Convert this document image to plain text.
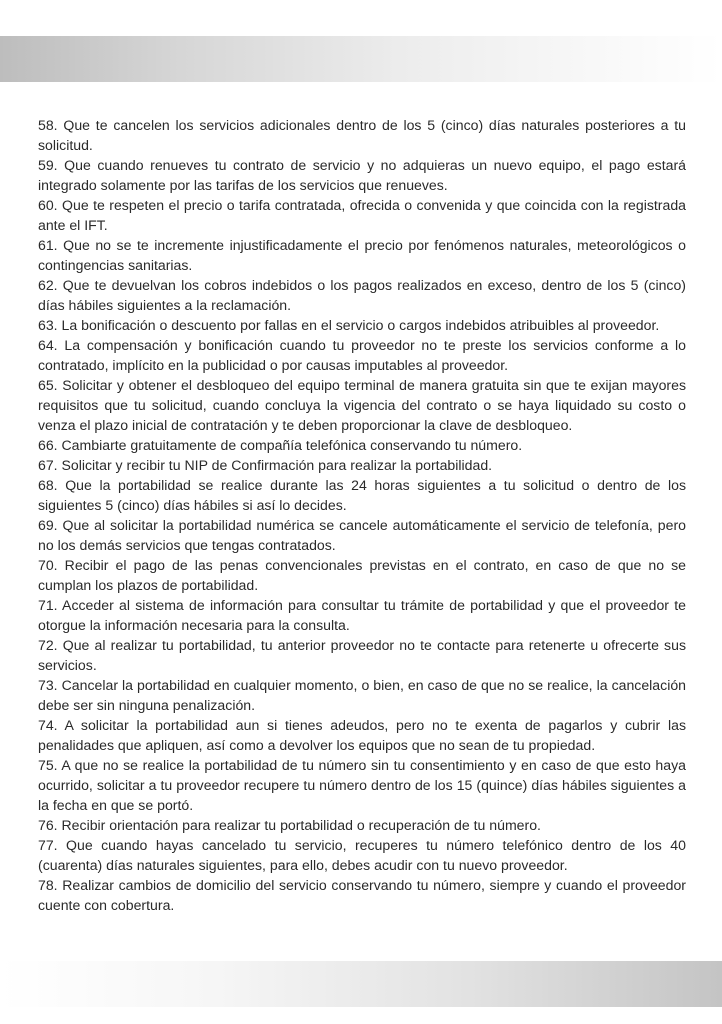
58. Que te cancelen los servicios adicionales dentro de los 5 (cinco) días naturales posteriores a tu solicitud.

59. Que cuando renueves tu contrato de servicio y no adquieras un nuevo equipo, el pago estará integrado solamente por las tarifas de los servicios que renueves.

60. Que te respeten el precio o tarifa contratada, ofrecida o convenida y que coincida con la registrada ante el IFT.

61. Que no se te incremente injustificadamente el precio por fenómenos naturales, meteorológicos o contingencias sanitarias.

62. Que te devuelvan los cobros indebidos o los pagos realizados en exceso, dentro de los 5 (cinco) días hábiles siguientes a la reclamación.

63. La bonificación o descuento por fallas en el servicio o cargos indebidos atribuibles al proveedor.

64. La compensación y bonificación cuando tu proveedor no te preste los servicios conforme a lo contratado, implícito en la publicidad o por causas imputables al proveedor.

65. Solicitar y obtener el desbloqueo del equipo terminal de manera gratuita sin que te exijan mayores requisitos que tu solicitud, cuando concluya la vigencia del contrato o se haya liquidado su costo o venza el plazo inicial de contratación y te deben proporcionar la clave de desbloqueo.

66. Cambiarte gratuitamente de compañía telefónica conservando tu número.

67. Solicitar y recibir tu NIP de Confirmación para realizar la portabilidad.

68. Que la portabilidad se realice durante las 24 horas siguientes a tu solicitud o dentro de los siguientes 5 (cinco) días hábiles si así lo decides.

69. Que al solicitar la portabilidad numérica se cancele automáticamente el servicio de telefonía, pero no los demás servicios que tengas contratados.

70. Recibir el pago de las penas convencionales previstas en el contrato, en caso de que no se cumplan los plazos de portabilidad.

71. Acceder al sistema de información para consultar tu trámite de portabilidad y que el proveedor te otorgue la información necesaria para la consulta.

72. Que al realizar tu portabilidad, tu anterior proveedor no te contacte para retenerte u ofrecerte sus servicios.

73. Cancelar la portabilidad en cualquier momento, o bien, en caso de que no se realice, la cancelación debe ser sin ninguna penalización.

74. A solicitar la portabilidad aun si tienes adeudos, pero no te exenta de pagarlos y cubrir las penalidades que apliquen, así como a devolver los equipos que no sean de tu propiedad.

75. A que no se realice la portabilidad de tu número sin tu consentimiento y en caso de que esto haya ocurrido, solicitar a tu proveedor recupere tu número dentro de los 15 (quince) días hábiles siguientes a la fecha en que se portó.

76. Recibir orientación para realizar tu portabilidad o recuperación de tu número.

77. Que cuando hayas cancelado tu servicio, recuperes tu número telefónico dentro de los 40 (cuarenta) días naturales siguientes, para ello, debes acudir con tu nuevo proveedor.

78. Realizar cambios de domicilio del servicio conservando tu número, siempre y cuando el proveedor cuente con cobertura.
